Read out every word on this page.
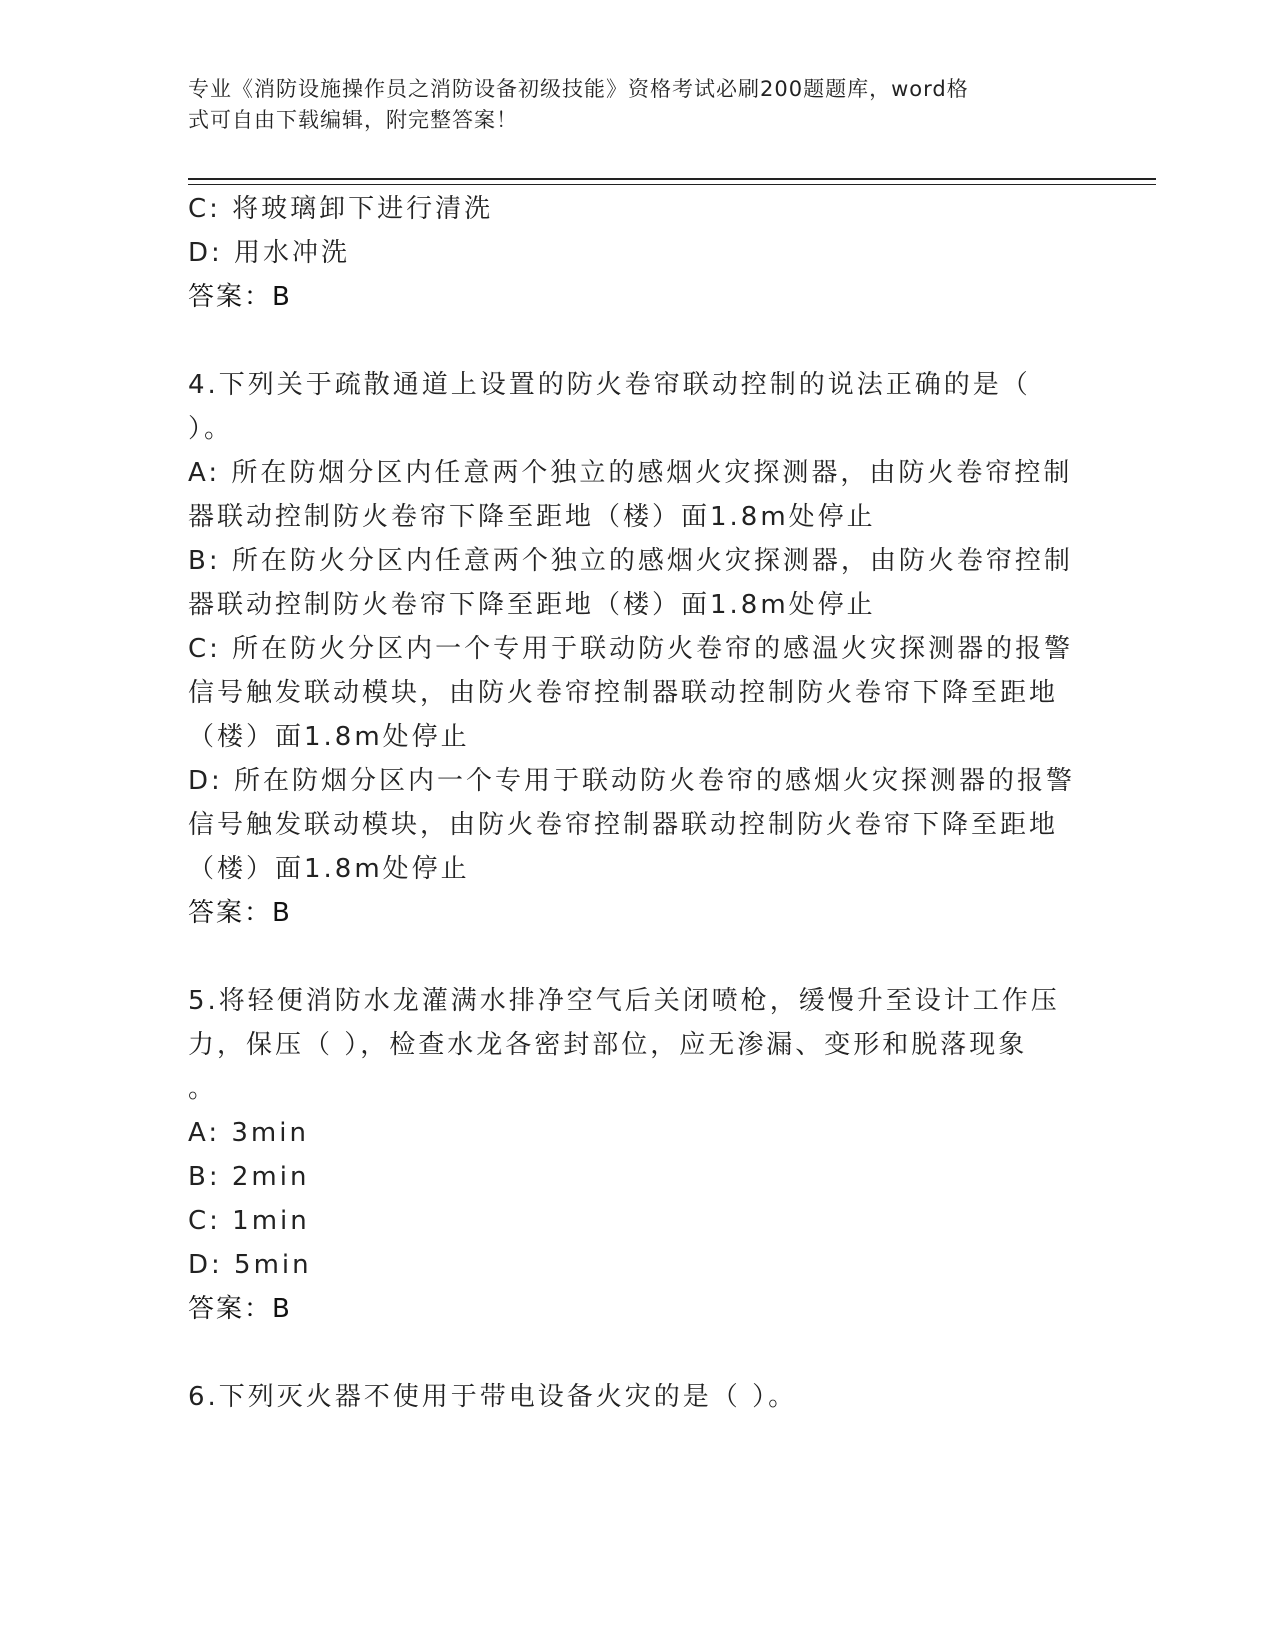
专业《消防设施操作员之消防设备初级技能》资格考试必刷200题题库，word格
式可自由下载编辑，附完整答案！
C: 将玻璃卸下进行清洗
D: 用水冲洗
答案：B
4.下列关于疏散通道上设置的防火卷帘联动控制的说法正确的是（
）。
A: 所在防烟分区内任意两个独立的感烟火灾探测器，由防火卷帘控制
器联动控制防火卷帘下降至距地（楼）面1.8m处停止
B: 所在防火分区内任意两个独立的感烟火灾探测器，由防火卷帘控制
器联动控制防火卷帘下降至距地（楼）面1.8m处停止
C: 所在防火分区内一个专用于联动防火卷帘的感温火灾探测器的报警
信号触发联动模块，由防火卷帘控制器联动控制防火卷帘下降至距地
（楼）面1.8m处停止
D: 所在防烟分区内一个专用于联动防火卷帘的感烟火灾探测器的报警
信号触发联动模块，由防火卷帘控制器联动控制防火卷帘下降至距地
（楼）面1.8m处停止
答案：B
5.将轻便消防水龙灌满水排净空气后关闭喷枪，缓慢升至设计工作压
力，保压（ ），检查水龙各密封部位，应无渗漏、变形和脱落现象
。
A: 3min
B: 2min
C: 1min
D: 5min
答案：B
6.下列灭火器不使用于带电设备火灾的是（ ）。
